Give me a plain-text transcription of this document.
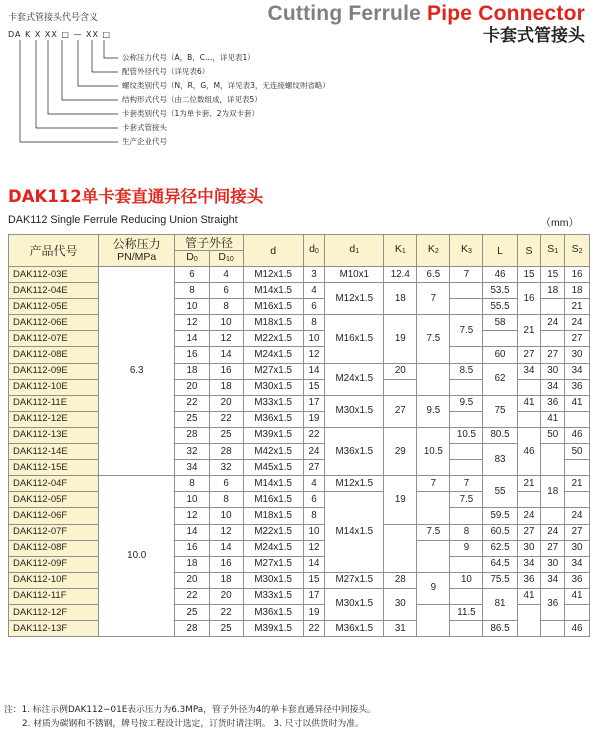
Cutting Ferrule Pipe Connector
卡套式管接头
卡套式管接头代号含义
DA K X XX □ — XX □
公称压力代号（A，B，C…，详见表1）
配管外径代号（详见表6）
螺纹类别代号（N，R，G，M，详见表3，无连接螺纹则省略）
结构形式代号（由二位数组成，详见表5）
卡套类别代号（1为单卡套、2为双卡套）
卡套式管接头
生产企业代号
DAK112单卡套直通异径中间接头
DAK112 Single Ferrule Reducing Union Straight	（mm）
产品代号	公称压力
PN/MPa	管子外径		d	$d_0$	$d_1$	$K_1$	$K_2$	$K_3$	L	S	$S_1$	$S_2$
		$D_0$	$D_{10}$
DAK112-03E	6.3	6	4	M12x1.5	3	M10x1	12.4	6.5	7	46	15	15	16
DAK112-04E		8	6	M14x1.5	4	M12x1.5	18	7		53.5	16	18	18
DAK112-05E		10	8	M16x1.5	6					55.5			21
DAK112-06E		12	10	M18x1.5	8	M16x1.5	19	7.5	7.5	58	21	24	24
DAK112-07E		14	12	M22x1.5	10								27
DAK112-08E		16	14	M24x1.5	12					60	27	27	30
DAK112-09E		18	16	M27x1.5	14	M24x1.5	20		8.5	62	34	30	34
DAK112-10E		20	18	M30x1.5	15							34	36
DAK112-11E		22	20	M33x1.5	17	M30x1.5	27	9.5	9.5	75	41	36	41
DAK112-12E		25	22	M36x1.5	19							41	
DAK112-13E		28	25	M39x1.5	22	M36x1.5	29	10.5	10.5	80.5	46	50	46
DAK112-14E		32	28	M42x1.5	24					83			50
DAK112-15E		34	32	M45x1.5	27								
DAK112-04F	10.0	8	6	M14x1.5	4	M12x1.5	19	7	7	55	21	18	21
DAK112-05F		10	8	M16x1.5	6	M14x1.5			7.5				
DAK112-06F		12	10	M18x1.5	8					59.5	24		24
DAK112-07F		14	12	M22x1.5	10			7.5	8	60.5	27	24	27
DAK112-08F		16	14	M24x1.5	12				9	62.5	30	27	30
DAK112-09F		18	16	M27x1.5	14					64.5	34	30	34
DAK112-10F		20	18	M30x1.5	15	M27x1.5	28	9	10	75.5	36	34	36
DAK112-11F		22	20	M33x1.5	17	M30x1.5	30			81	41	36	41
DAK112-12F		25	22	M36x1.5	19				11.5				
DAK112-13F		28	25	M39x1.5	22	M36x1.5	31			86.5			46
注：1. 标注示例DAK112−01E表示压力为6.3MPa，管子外径为4的单卡套直通异径中间接头。
2. 材质为碳钢和不锈钢，牌号按工程设计选定，订货时请注明。 3. 尺寸以供货时为准。
